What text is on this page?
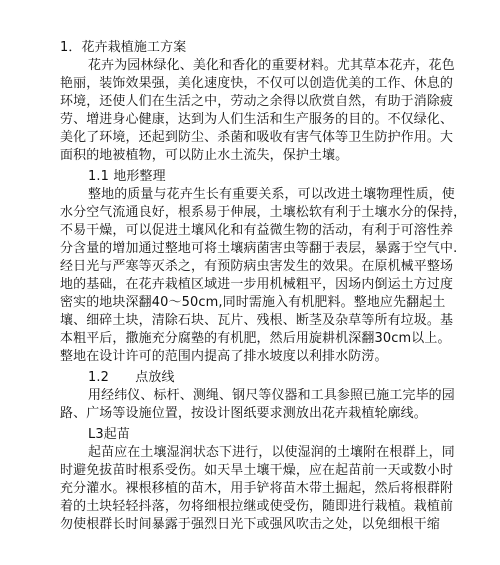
1．花卉栽植施工方案
花卉为园林绿化、美化和香化的重要材料。尤其草本花卉，花色
艳丽，装饰效果强，美化速度快，不仅可以创造优美的工作、休息的
环境，还使人们在生活之中，劳动之余得以欣赏自然，有助于消除疲
劳、增进身心健康，达到为人们生活和生产服务的目的。不仅绿化、
美化了环境，还起到防尘、杀菌和吸收有害气体等卫生防护作用。大
面积的地被植物，可以防止水土流失，保护土壤。
1.1 地形整理
整地的质量与花卉生长有重要关系，可以改进土壤物理性质，使
水分空气流通良好，根系易于伸展，土壤松软有利于土壤水分的保持，
不易干燥，可以促进土壤风化和有益微生物的活动，有利于可溶性养
分含量的增加通过整地可将土壤病菌害虫等翻于表层，暴露于空气中.
经日光与严寒等灭杀之，有预防病虫害发生的效果。在原机械平整场
地的基础，在花卉栽植区域进一步用机械粗平，因场内倒运土方过度
密实的地块深翻40～50cm,同时需施入有机肥料。整地应先翻起土
壤、细碎土块，清除石块、瓦片、残根、断茎及杂草等所有垃圾。基
本粗平后，撒施充分腐塾的有机肥，然后用旋耕机深翻30cm以上。
整地在设计许可的范围内提高了排水坡度以利排水防涝。
1.2　　点放线
用经纬仪、标杆、测绳、钢尺等仪器和工具参照已施工完毕的园
路、广场等设施位置，按设计图纸要求测放出花卉栽植轮廓线。
L3起苗
起苗应在土壤湿润状态下进行，以使湿润的土壤附在根群上，同
时避免拔苗时根系受伤。如天旱土壤干燥，应在起苗前一天或数小时
充分灌水。裸根移植的苗木，用手铲将苗木带土掘起，然后将根群附
着的土块轻轻抖落，勿将细根拉继或使受伤，随即进行栽植。栽植前
勿使根群长时间暴露于强烈日光下或强风吹击之处，以免细根干缩
